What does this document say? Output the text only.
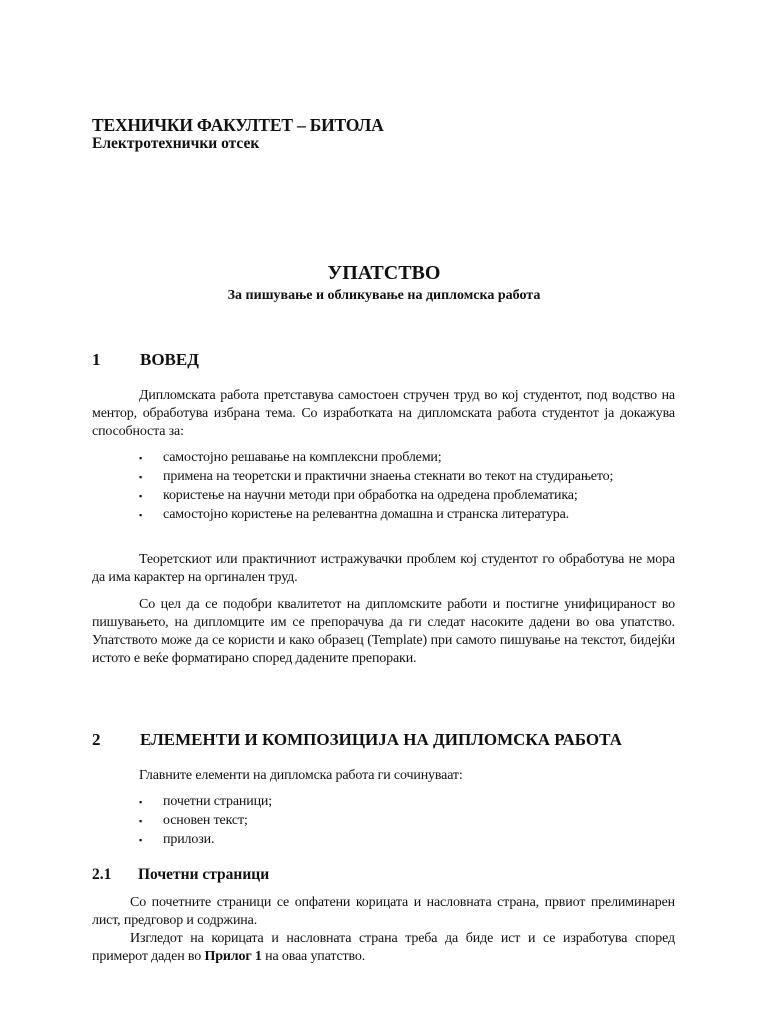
ТЕХНИЧКИ ФАКУЛТЕТ – БИТОЛА
Електротехнички отсек
УПАТСТВО
За пишување и обликување на дипломска работа
1 ВОВЕД

Дипломската работа претставува самостоен стручен труд во кој студентот, под водство на ментор, обработува избрана тема. Со изработката на дипломската работа студентот ја докажува способноста за:

▪ самостојно решавање на комплексни проблеми;
▪ примена на теоретски и практични знаења стекнати во текот на студирањето;
▪ користење на научни методи при обработка на одредена проблематика;
▪ самостојно користење на релевантна домашна и странска литература.

Теоретскиот или практичниот истражувачки проблем кој студентот го обработува не мора да има карактер на оргинален труд.

Со цел да се подобри квалитетот на дипломските работи и постигне унифицираност во пишувањето, на дипломците им се препорачува да ги следат насоките дадени во ова упатство. Упатството може да се користи и како образец (Template) при самото пишување на текстот, бидејќи истото е веќе форматирано според дадените препораки.

2 ЕЛЕМЕНТИ И КОМПОЗИЦИЈА НА ДИПЛОМСКА РАБОТА

Главните елементи на дипломска работа ги сочинуваат:

▪ почетни страници;
▪ основен текст;
▪ прилози.
2.1 Почетни страници

Со почетните страници се опфатени корицата и насловната страна, првиот прелиминарен лист, предговор и содржина.

Изгледот на корицата и насловната страна треба да биде ист и се изработува според примерот даден во Прилог 1 на оваа упатство.
